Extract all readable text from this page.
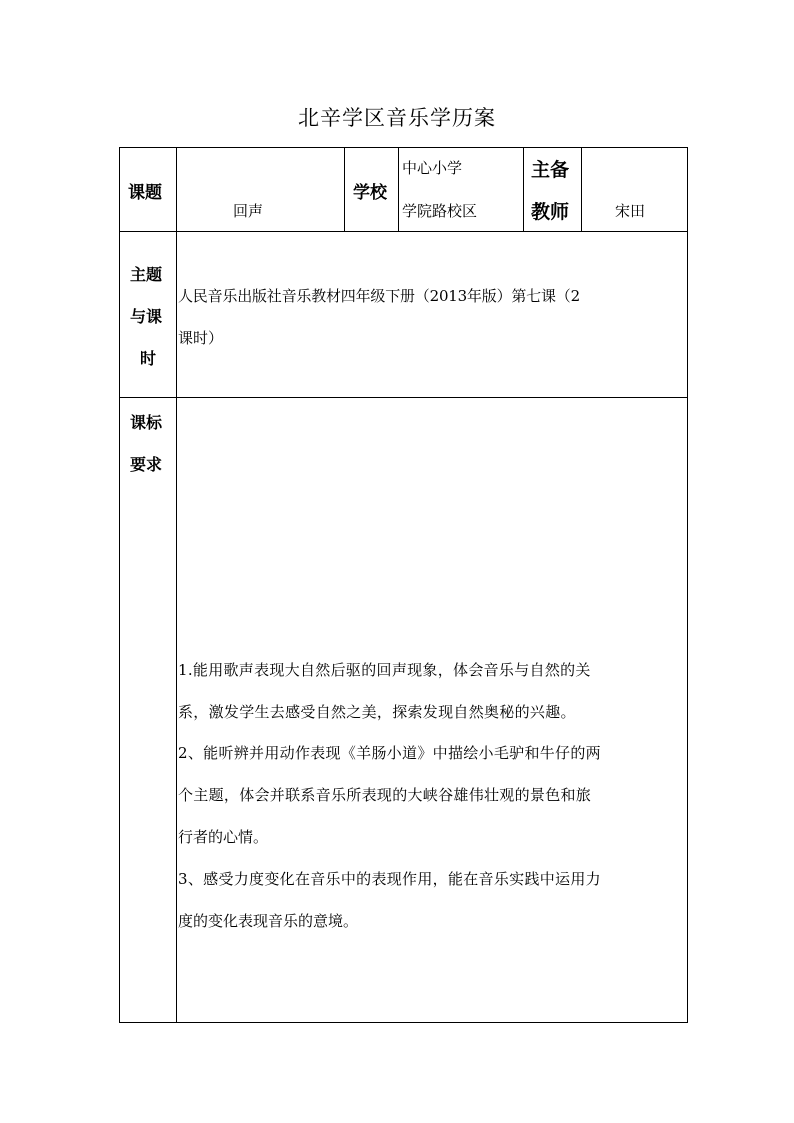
北辛学区音乐学历案
课题
回声
学校
中心小学
学院路校区
主备
教师	宋田
主题
与课
时
人民音乐出版社音乐教材四年级下册（2013年版）第七课（2
课时）
课标
要求
1.能用歌声表现大自然后驱的回声现象，体会音乐与自然的关
系，激发学生去感受自然之美，探索发现自然奥秘的兴趣。
2、能听辨并用动作表现《羊肠小道》中描绘小毛驴和牛仔的两
个主题，体会并联系音乐所表现的大峡谷雄伟壮观的景色和旅
行者的心情。
3、感受力度变化在音乐中的表现作用，能在音乐实践中运用力
度的变化表现音乐的意境。
